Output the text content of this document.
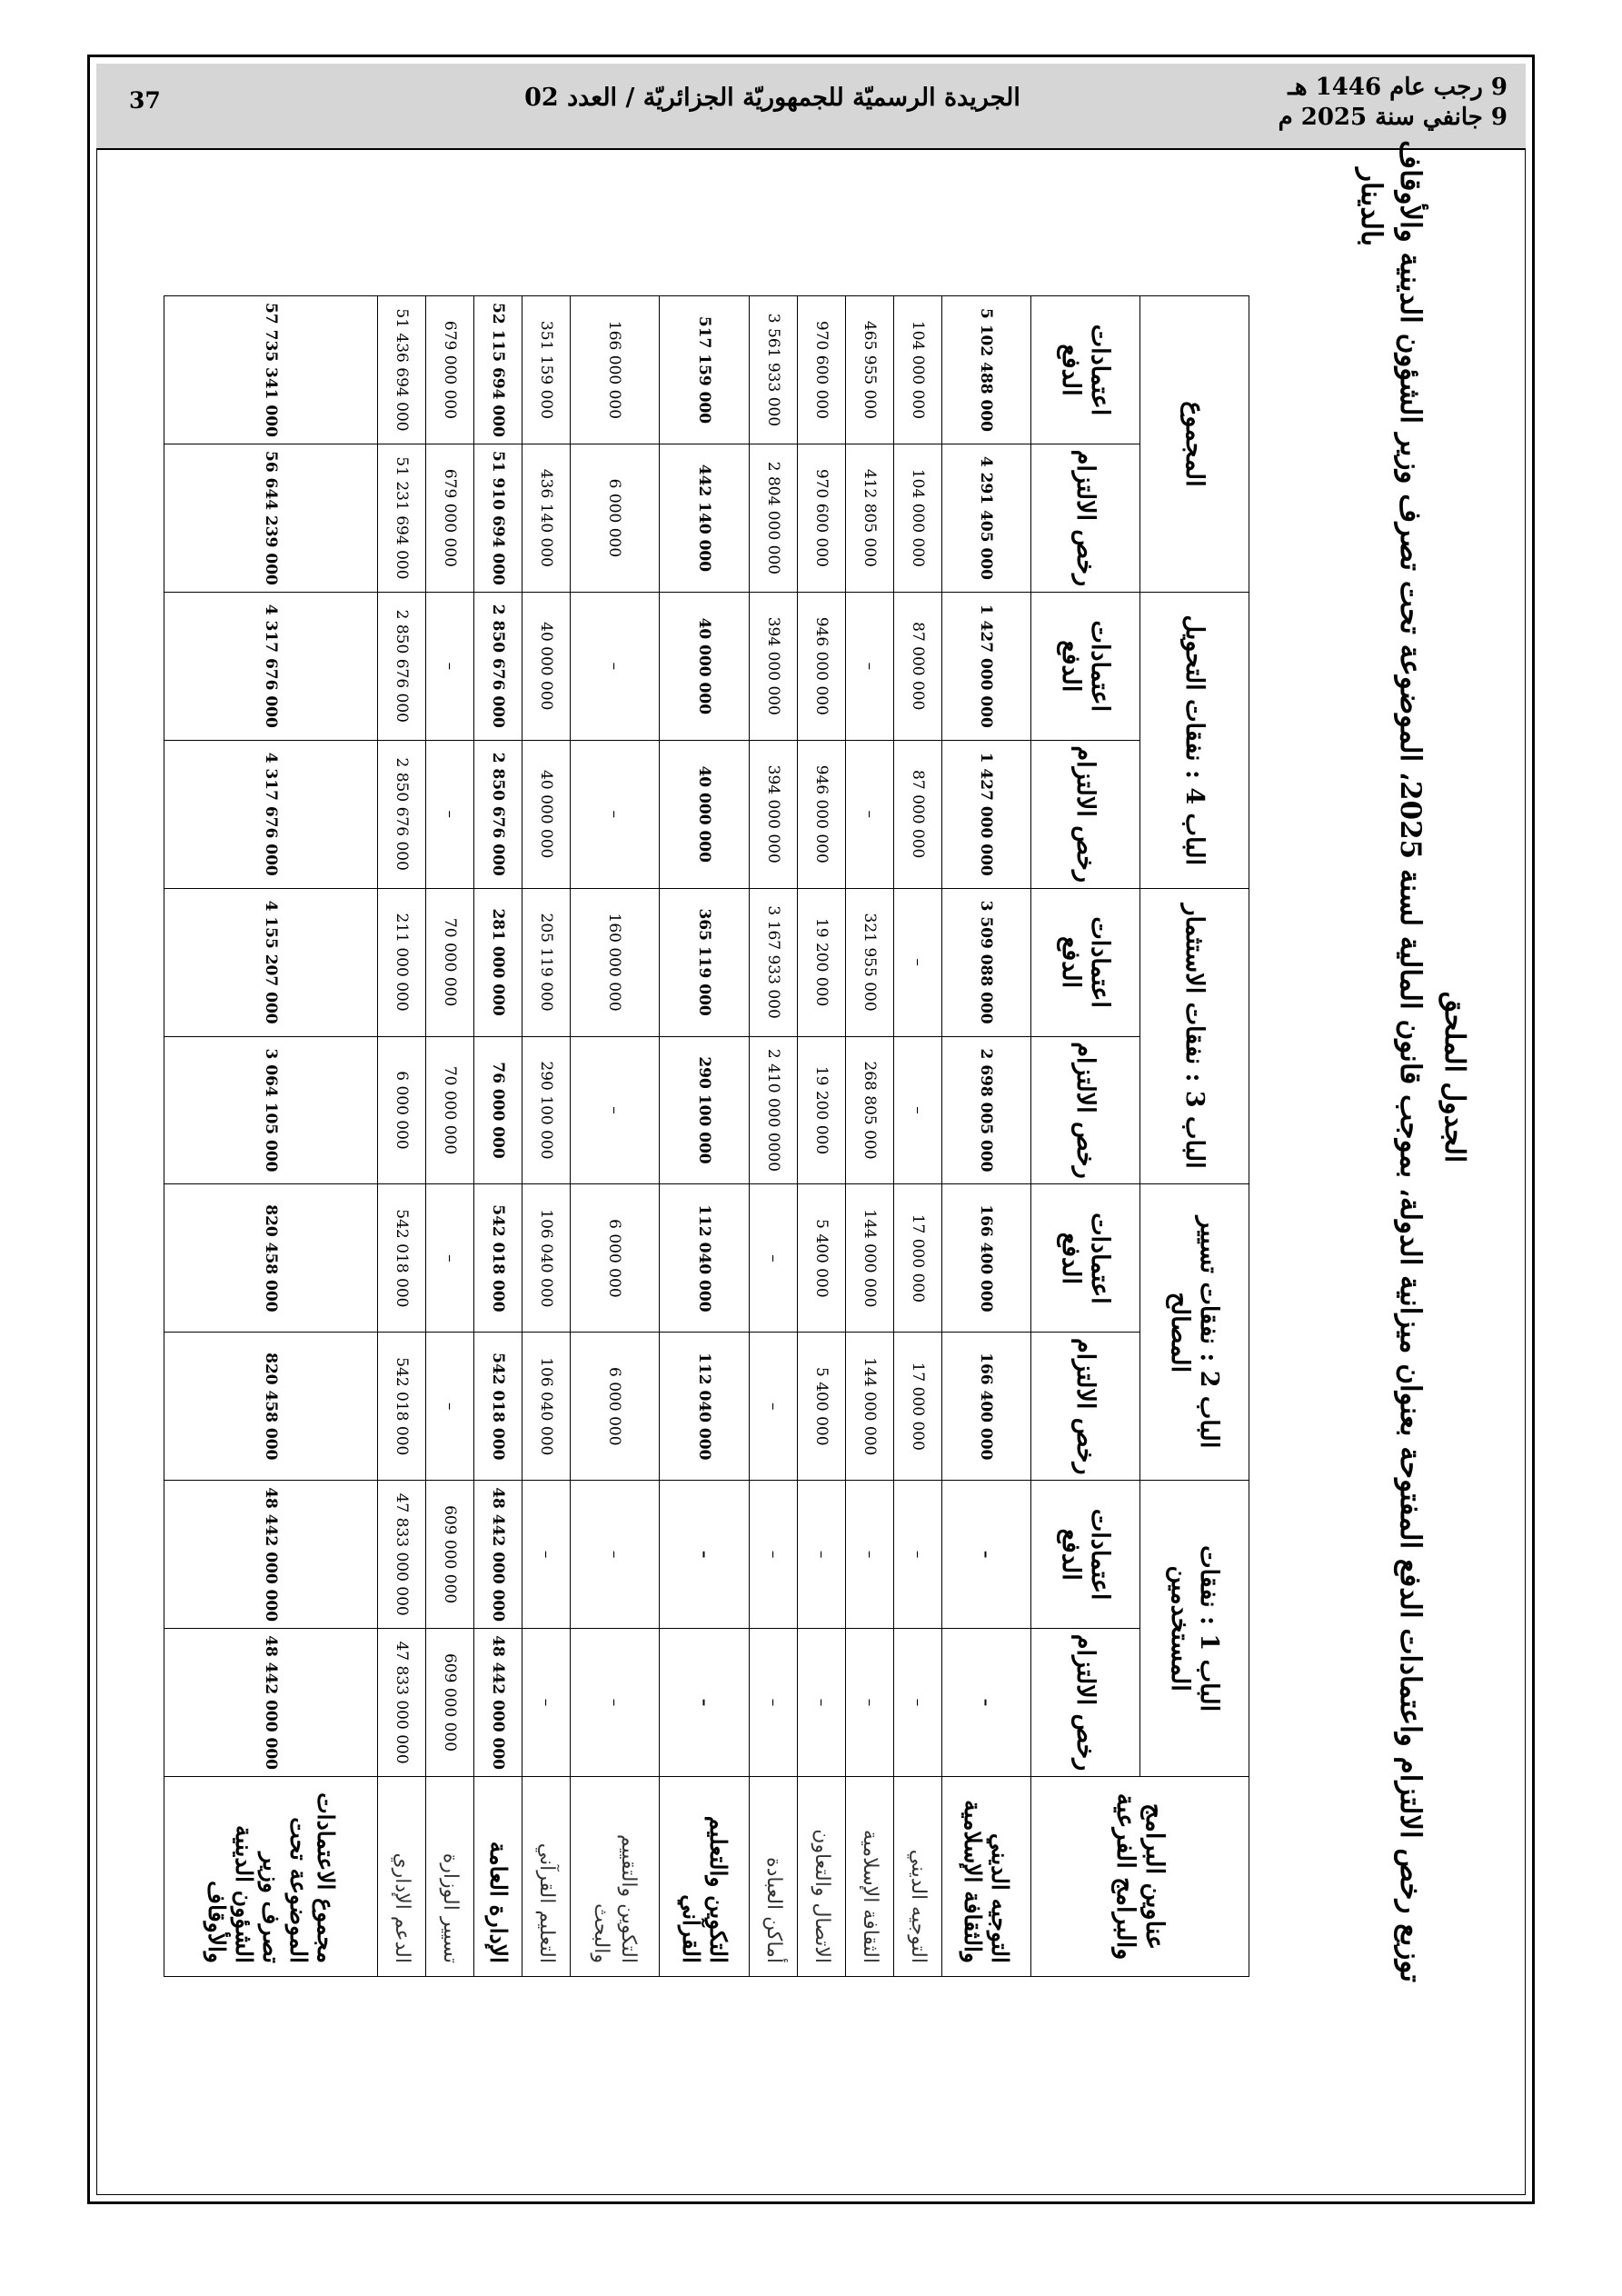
37	الجريدة الرسميّة للجمهوريّة الجزائريّة / العدد 02	9 رجب عام 1446 هـ
9 جانفي سنة 2025 م
الجدول الملحق
توزيع رخص الالتزام واعتمادات الدفع المفتوحة بعنوان ميزانية الدولة، بموجب قانون المالية لسنة 2025، الموضوعة تحت تصرف وزير الشؤون الدينية والأوقاف
بالدينار
عناوين البرامج والبرامج الفرعية	الباب 1 : نفقات المستخدمين		الباب 2 : نفقات تسيير المصالح		الباب 3 : نفقات الاستثمار		الباب 4 : نفقات التحويل		المجموع	
	رخص الالتزام	اعتمادات الدفع	رخص الالتزام	اعتمادات الدفع	رخص الالتزام	اعتمادات الدفع	رخص الالتزام	اعتمادات الدفع	رخص الالتزام	اعتمادات الدفع
التوجيه الديني والثقافة الإسلامية	–	–	166 400 000	166 400 000	2 698 005 000	3 509 088 000	1 427 000 000	1 427 000 000	4 291 405 000	5 102 488 000
التوجيه الديني	–	–	17 000 000	17 000 000	–	–	87 000 000	87 000 000	104 000 000	104 000 000
الثقافة الإسلامية	–	–	144 000 000	144 000 000	268 805 000	321 955 000	–	–	412 805 000	465 955 000
الاتصال والتعاون	–	–	5 400 000	5 400 000	19 200 000	19 200 000	946 000 000	946 000 000	970 600 000	970 600 000
أماكن العبادة	–	–	–	–	2 410 000 0000	3 167 933 000	394 000 000	394 000 000	2 804 000 000	3 561 933 000
التكوين والتعليم القرآني	–	–	112 040 000	112 040 000	290 100 000	365 119 000	40 000 000	40 000 000	442 140 000	517 159 000
التكوين والتقييم والبحث	–	–	6 000 000	6 000 000	–	160 000 000	–	–	6 000 000	166 000 000
التعليم القرآني	–	–	106 040 000	106 040 000	290 100 000	205 119 000	40 000 000	40 000 000	436 140 000	351 159 000
الإدارة العامة	48 442 000 000	48 442 000 000	542 018 000	542 018 000	76 000 000	281 000 000	2 850 676 000	2 850 676 000	51 910 694 000	52 115 694 000
تسيير الوزارة	609 000 000	609 000 000	–	–	70 000 000	70 000 000	–	–	679 000 000	679 000 000
الدعم الإداري	47 833 000 000	47 833 000 000	542 018 000	542 018 000	6 000 000	211 000 000	2 850 676 000	2 850 676 000	51 231 694 000	51 436 694 000
مجموع الاعتمادات الموضوعة تحت تصرف وزير الشؤون الدينية والأوقاف	48 442 000 000	48 442 000 000	820 458 000	820 458 000	3 064 105 000	4 155 207 000	4 317 676 000	4 317 676 000	56 644 239 000	57 735 341 000
